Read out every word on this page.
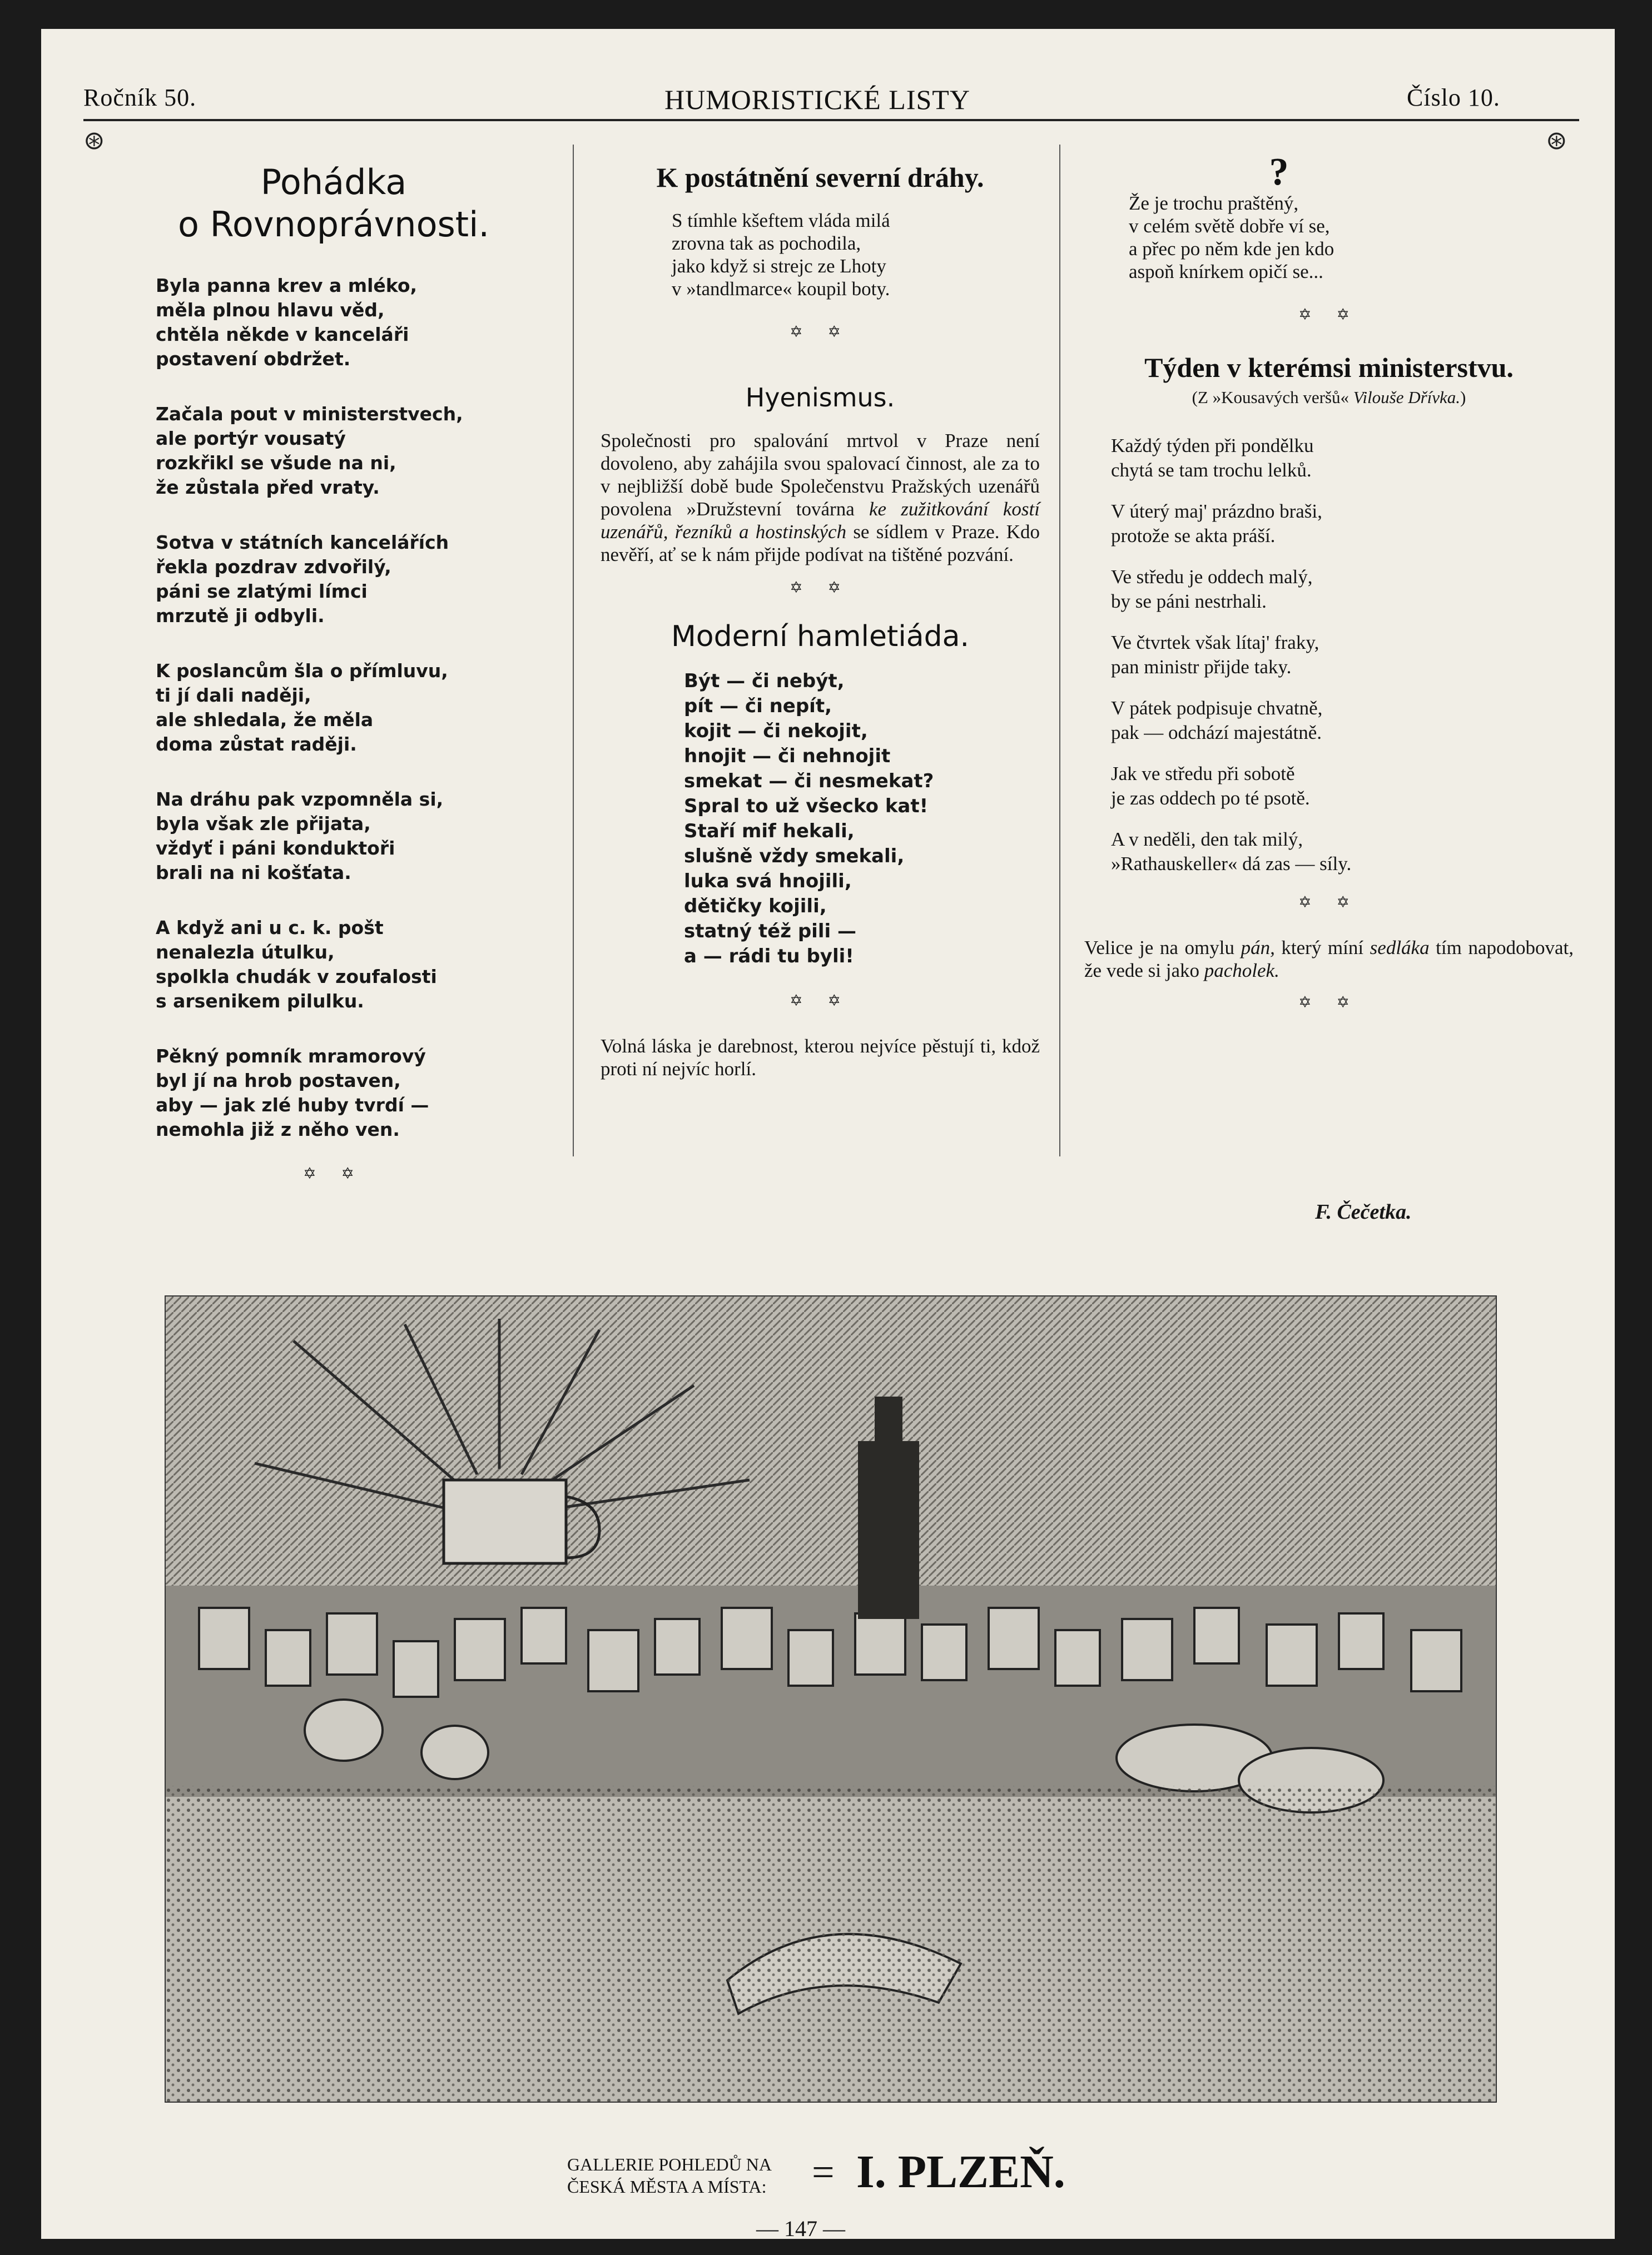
Ročník 50.	HUMORISTICKÉ LISTY	Číslo 10.
⊛	⊛
Pohádka
o Rovnoprávnosti.
Byla panna krev a mléko,
měla plnou hlavu věd,
chtěla někde v kanceláři
postavení obdržet.
Začala pout v ministerstvech,
ale portýr vousatý
rozkřikl se všude na ni,
že zůstala před vraty.
Sotva v státních kancelářích
řekla pozdrav zdvořilý,
páni se zlatými límci
mrzutě ji odbyli.
K poslancům šla o přímluvu,
ti jí dali naději,
ale shledala, že měla
doma zůstat raději.
Na dráhu pak vzpomněla si,
byla však zle přijata,
vždyť i páni konduktoři
brali na ni košťata.
A když ani u c. k. pošt
nenalezla útulku,
spolkla chudák v zoufalosti
s arsenikem pilulku.
Pěkný pomník mramorový
byl jí na hrob postaven,
aby — jak zlé huby tvrdí —
nemohla již z něho ven.
✡ ✡
K postátnění severní dráhy.
S tímhle kšeftem vláda milá
zrovna tak as pochodila,
jako když si strejc ze Lhoty
v »tandlmarce« koupil boty.
✡ ✡
Hyenismus.
Společnosti pro spalování mrtvol v Praze není dovoleno, aby zahájila svou spalovací činnost, ale za to v nejbližší době bude Společenstvu Pražských uzenářů povolena »Družstevní továrna ke zužitkování kostí uzenářů, řezníků a hostinských se sídlem v Praze. Kdo nevěří, ať se k nám přijde podívat na tištěné pozvání.
✡ ✡
Moderní hamletiáda.
Být — či nebýt,
pít — či nepít,
kojit — či nekojit,
hnojit — či nehnojit
smekat — či nesmekat?
Spral to už všecko kat!
Staří mif hekali,
slušně vždy smekali,
luka svá hnojili,
dětičky kojili,
statný též pili —
a — rádi tu byli!
✡ ✡
Volná láska je darebnost, kterou nejvíce pěstují ti, kdož proti ní nejvíc horlí.
?
Že je trochu praštěný,
v celém světě dobře ví se,
a přec po něm kde jen kdo
aspoň knírkem opičí se...
✡ ✡
Týden v kterémsi ministerstvu.
(Z »Kousavých veršů« Vilouše Dřívka.)
Každý týden při pondělku
chytá se tam trochu lelků.
V úterý maj' prázdno braši,
protože se akta práší.
Ve středu je oddech malý,
by se páni nestrhali.
Ve čtvrtek však lítaj' fraky,
pan ministr přijde taky.
V pátek podpisuje chvatně,
pak — odchází majestátně.
Jak ve středu při sobotě
je zas oddech po té psotě.
A v neděli, den tak milý,
»Rathauskeller« dá zas — síly.
✡ ✡
Velice je na omylu pán, který míní sedláka tím napodobovat, že vede si jako pacholek.
✡ ✡
F. Čečetka.
GALLERIE POHLEDŮ NA
ČESKÁ MĚSTA A MÍSTA: = I. PLZEŇ.
— 147 —
